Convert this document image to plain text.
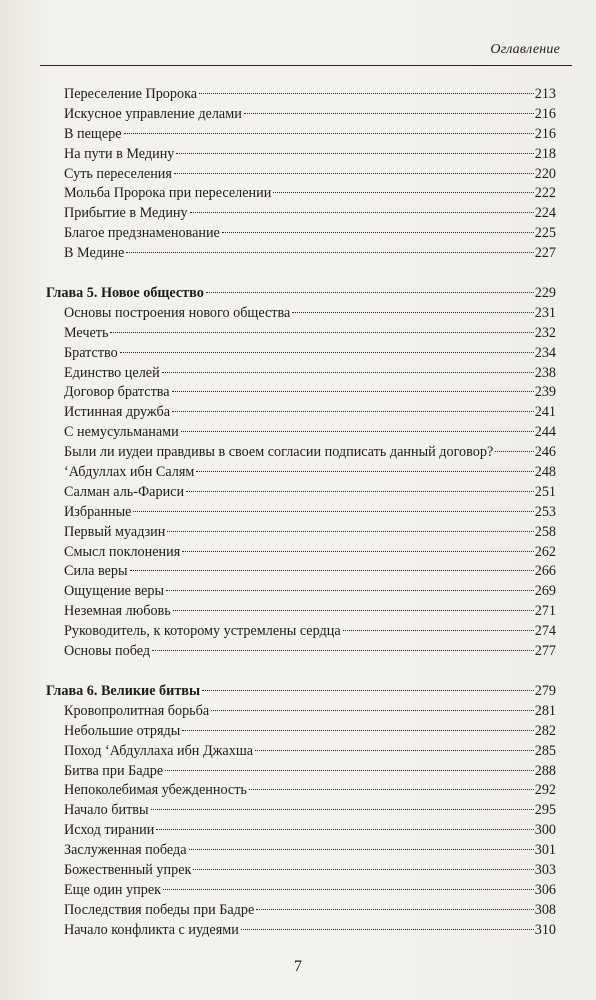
Оглавление
Переселение Пророка	213
Искусное управление делами	216
В пещере	216
На пути в Медину	218
Суть переселения	220
Мольба Пророка при переселении	222
Прибытие в Медину	224
Благое предзнаменование	225
В Медине	227
Глава 5. Новое общество	229
Основы построения нового общества	231
Мечеть	232
Братство	234
Единство целей	238
Договор братства	239
Истинная дружба	241
С немусульманами	244
Были ли иудеи правдивы в своем согласии подписать данный договор?	246
‘Абдуллах ибн Салям	248
Салман аль-Фариси	251
Избранные	253
Первый муадзин	258
Смысл поклонения	262
Сила веры	266
Ощущение веры	269
Неземная любовь	271
Руководитель, к которому устремлены сердца	274
Основы побед	277
Глава 6. Великие битвы	279
Кровопролитная борьба	281
Небольшие отряды	282
Поход ‘Абдуллаха ибн Джахша	285
Битва при Бадре	288
Непоколебимая убежденность	292
Начало битвы	295
Исход тирании	300
Заслуженная победа	301
Божественный упрек	303
Еще один упрек	306
Последствия победы при Бадре	308
Начало конфликта с иудеями	310
7
